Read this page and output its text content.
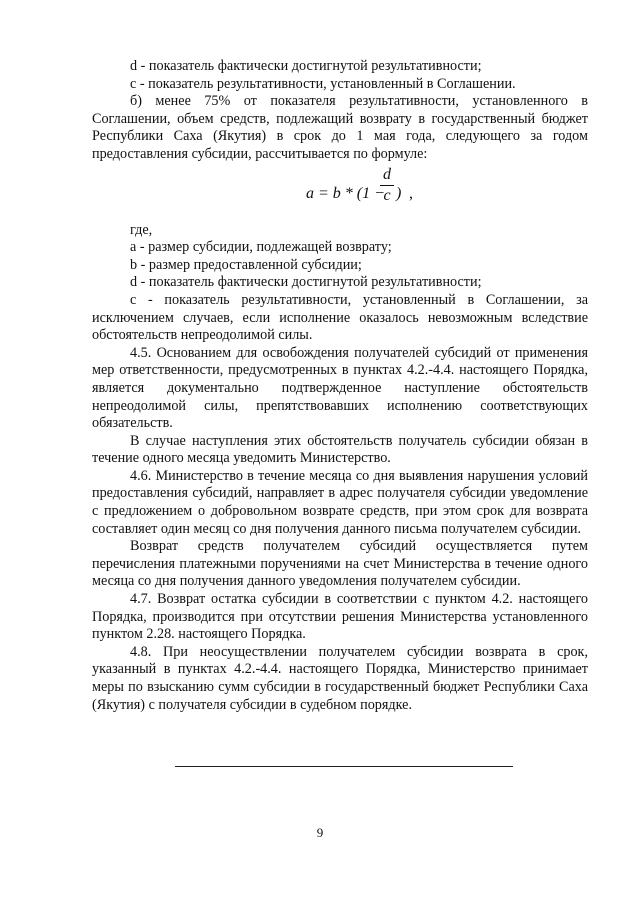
d - показатель фактически достигнутой результативности;

c - показатель результативности, установленный в Соглашении.

б) менее 75% от показателя результативности, установленного в Соглашении, объем средств, подлежащий возврату в государственный бюджет Республики Саха (Якутия) в срок до 1 мая года, следующего за годом предоставления субсидии, рассчитывается по формуле:

a = b * (1 −
d
c ) ,

где,

a - размер субсидии, подлежащей возврату;

b - размер предоставленной субсидии;

d - показатель фактически достигнутой результативности;

c - показатель результативности, установленный в Соглашении, за исключением случаев, если исполнение оказалось невозможным вследствие обстоятельств непреодолимой силы.

4.5. Основанием для освобождения получателей субсидий от применения мер ответственности, предусмотренных в пунктах 4.2.-4.4. настоящего Порядка, является документально подтвержденное наступление обстоятельств непреодолимой силы, препятствовавших исполнению соответствующих обязательств.

В случае наступления этих обстоятельств получатель субсидии обязан в течение одного месяца уведомить Министерство.

4.6. Министерство в течение месяца со дня выявления нарушения условий предоставления субсидий, направляет в адрес получателя субсидии уведомление с предложением о добровольном возврате средств, при этом срок для возврата составляет один месяц со дня получения данного письма получателем субсидии.

Возврат средств получателем субсидий осуществляется путем перечисления платежными поручениями на счет Министерства в течение одного месяца со дня получения данного уведомления получателем субсидии.

4.7. Возврат остатка субсидии в соответствии с пунктом 4.2. настоящего Порядка, производится при отсутствии решения Министерства установленного пунктом 2.28. настоящего Порядка.

4.8. При неосуществлении получателем субсидии возврата в срок, указанный в пунктах 4.2.-4.4. настоящего Порядка, Министерство принимает меры по взысканию сумм субсидии в государственный бюджет Республики Саха (Якутия) с получателя субсидии в судебном порядке.

9
